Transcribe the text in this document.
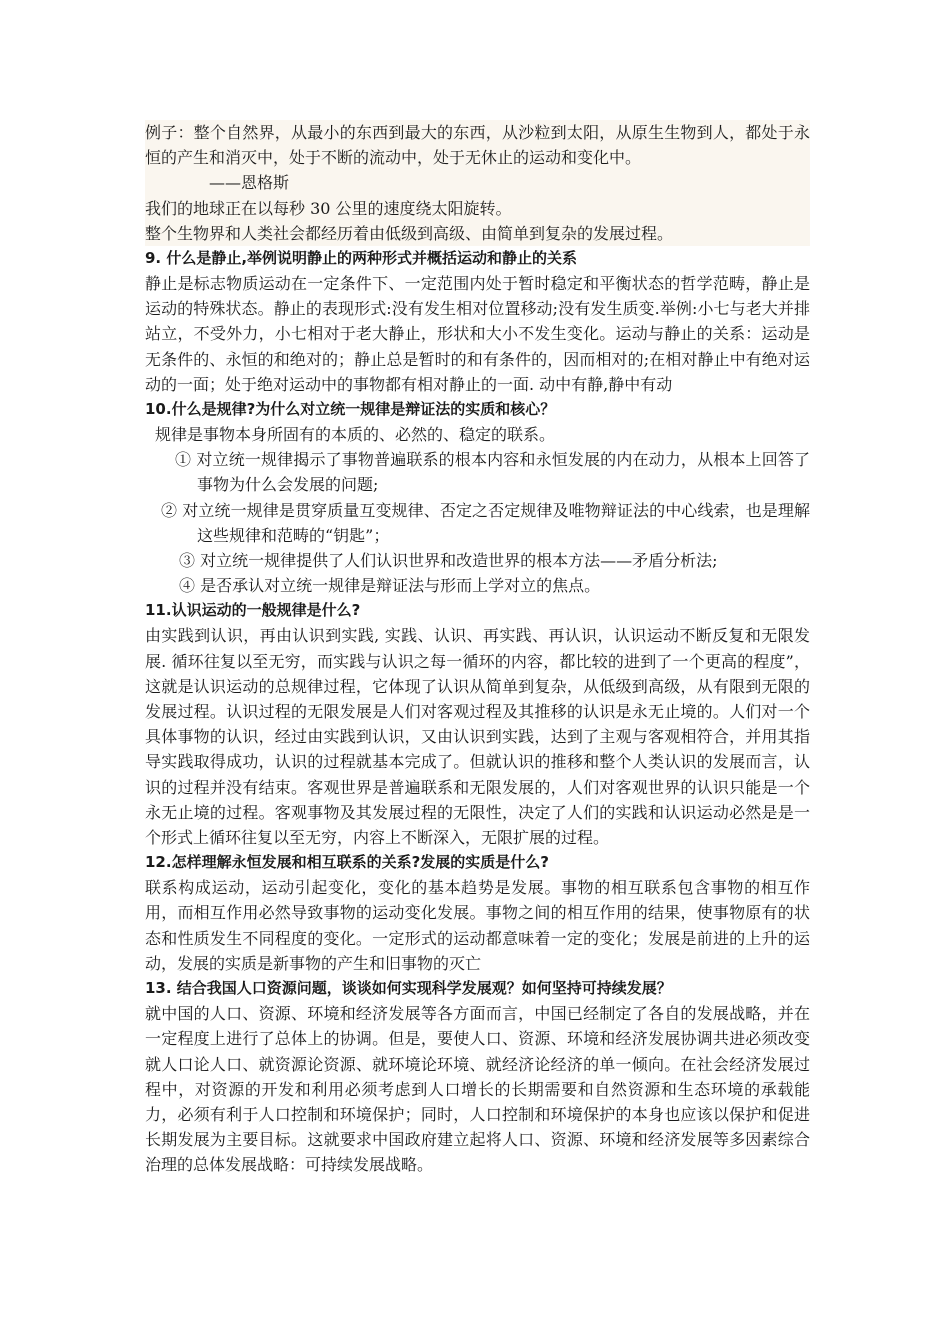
例子：整个自然界，从最小的东西到最大的东西，从沙粒到太阳，从原生生物到人，都处于永恒的产生和消灭中，处于不断的流动中，处于无休止的运动和变化中。

——恩格斯

我们的地球正在以每秒 30 公里的速度绕太阳旋转。

整个生物界和人类社会都经历着由低级到高级、由简单到复杂的发展过程。

9. 什么是静止,举例说明静止的两种形式并概括运动和静止的关系

静止是标志物质运动在一定条件下、一定范围内处于暂时稳定和平衡状态的哲学范畴，静止是运动的特殊状态。静止的表现形式:没有发生相对位置移动;没有发生质变.举例:小七与老大并排站立，不受外力，小七相对于老大静止，形状和大小不发生变化。运动与静止的关系：运动是无条件的、永恒的和绝对的；静止总是暂时的和有条件的，因而相对的;在相对静止中有绝对运动的一面；处于绝对运动中的事物都有相对静止的一面. 动中有静,静中有动

10.什么是规律?为什么对立统一规律是辩证法的实质和核心？

规律是事物本身所固有的本质的、必然的、稳定的联系。

① 对立统一规律揭示了事物普遍联系的根本内容和永恒发展的内在动力，从根本上回答了事物为什么会发展的问题;

② 对立统一规律是贯穿质量互变规律、否定之否定规律及唯物辩证法的中心线索，也是理解这些规律和范畴的“钥匙”；

③ 对立统一规律提供了人们认识世界和改造世界的根本方法——矛盾分析法;

④ 是否承认对立统一规律是辩证法与形而上学对立的焦点。

11.认识运动的一般规律是什么?

由实践到认识，再由认识到实践, 实践、认识、再实践、再认识，认识运动不断反复和无限发展. 循环往复以至无穷，而实践与认识之每一循环的内容，都比较的进到了一个更高的程度”，这就是认识运动的总规律过程，它体现了认识从简单到复杂，从低级到高级，从有限到无限的发展过程。认识过程的无限发展是人们对客观过程及其推移的认识是永无止境的。人们对一个具体事物的认识，经过由实践到认识，又由认识到实践，达到了主观与客观相符合，并用其指导实践取得成功，认识的过程就基本完成了。但就认识的推移和整个人类认识的发展而言，认识的过程并没有结束。客观世界是普遍联系和无限发展的，人们对客观世界的认识只能是一个永无止境的过程。客观事物及其发展过程的无限性，决定了人们的实践和认识运动必然是是一个形式上循环往复以至无穷，内容上不断深入，无限扩展的过程。

12.怎样理解永恒发展和相互联系的关系?发展的实质是什么?

联系构成运动，运动引起变化，变化的基本趋势是发展。事物的相互联系包含事物的相互作用，而相互作用必然导致事物的运动变化发展。事物之间的相互作用的结果，使事物原有的状态和性质发生不同程度的变化。一定形式的运动都意味着一定的变化；发展是前进的上升的运动，发展的实质是新事物的产生和旧事物的灭亡

13. 结合我国人口资源问题，谈谈如何实现科学发展观？如何坚持可持续发展？

就中国的人口、资源、环境和经济发展等各方面而言，中国已经制定了各自的发展战略，并在一定程度上进行了总体上的协调。但是，要使人口、资源、环境和经济发展协调共进必须改变就人口论人口、就资源论资源、就环境论环境、就经济论经济的单一倾向。在社会经济发展过程中，对资源的开发和利用必须考虑到人口增长的长期需要和自然资源和生态环境的承载能力，必须有利于人口控制和环境保护；同时，人口控制和环境保护的本身也应该以保护和促进长期发展为主要目标。这就要求中国政府建立起将人口、资源、环境和经济发展等多因素综合治理的总体发展战略：可持续发展战略。
